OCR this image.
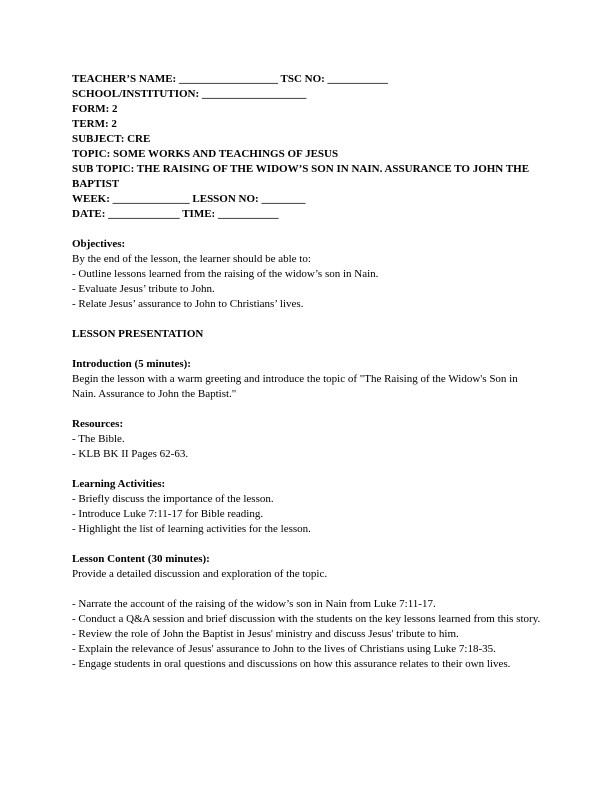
TEACHER’S NAME: __________________ TSC NO: ___________
SCHOOL/INSTITUTION: ___________________
FORM: 2
TERM: 2
SUBJECT: CRE
TOPIC: SOME WORKS AND TEACHINGS OF JESUS
SUB TOPIC: THE RAISING OF THE WIDOW’S SON IN NAIN. ASSURANCE TO JOHN THE BAPTIST
WEEK: ______________ LESSON NO: ________
DATE: _____________ TIME: ___________
Objectives:
By the end of the lesson, the learner should be able to:
- Outline lessons learned from the raising of the widow’s son in Nain.
- Evaluate Jesus’ tribute to John.
- Relate Jesus’ assurance to John to Christians’ lives.
LESSON PRESENTATION
Introduction (5 minutes):
Begin the lesson with a warm greeting and introduce the topic of "The Raising of the Widow's Son in Nain. Assurance to John the Baptist."
Resources:
- The Bible.
- KLB BK II Pages 62-63.
Learning Activities:
- Briefly discuss the importance of the lesson.
- Introduce Luke 7:11-17 for Bible reading.
- Highlight the list of learning activities for the lesson.
Lesson Content (30 minutes):
Provide a detailed discussion and exploration of the topic.
- Narrate the account of the raising of the widow’s son in Nain from Luke 7:11-17.
- Conduct a Q&A session and brief discussion with the students on the key lessons learned from this story.
- Review the role of John the Baptist in Jesus' ministry and discuss Jesus' tribute to him.
- Explain the relevance of Jesus' assurance to John to the lives of Christians using Luke 7:18-35.
- Engage students in oral questions and discussions on how this assurance relates to their own lives.
